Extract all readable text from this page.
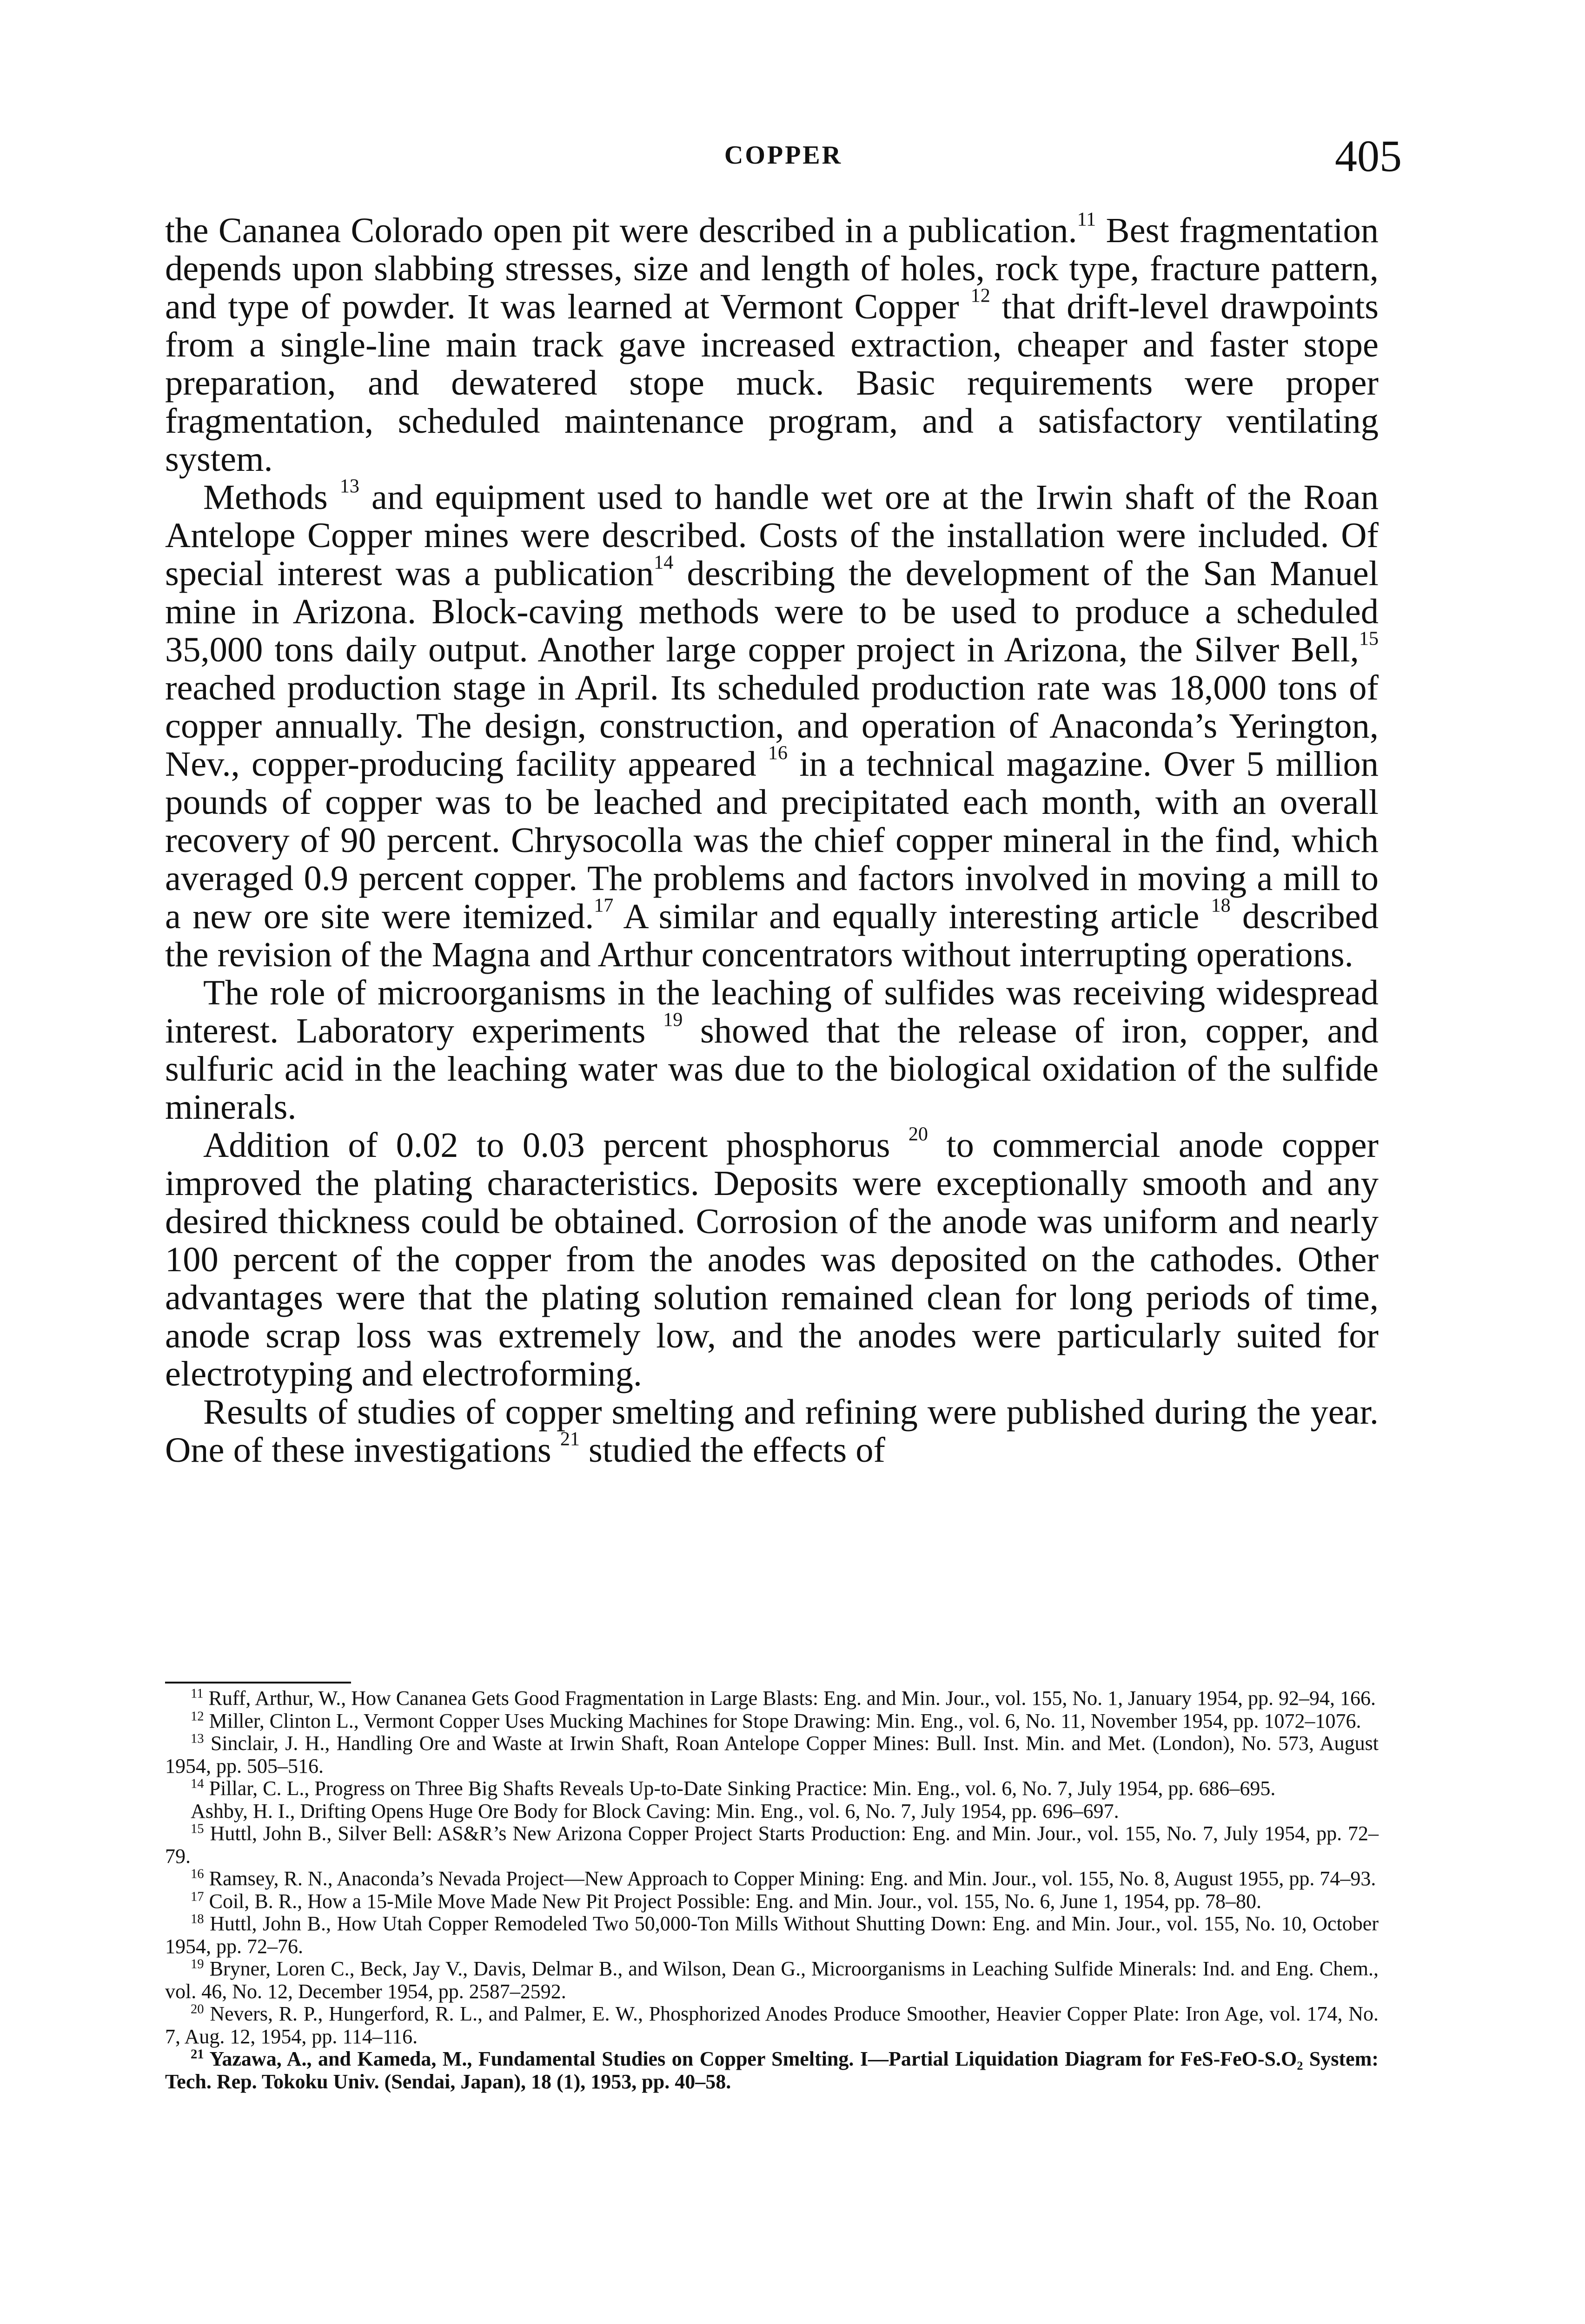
COPPER	405

the Cananea Colorado open pit were described in a publication.$^{11}$ Best fragmentation depends upon slabbing stresses, size and length of holes, rock type, fracture pattern, and type of powder. It was learned at Vermont Copper $^{12}$ that drift-level drawpoints from a single-line main track gave increased extraction, cheaper and faster stope preparation, and dewatered stope muck. Basic requirements were proper fragmentation, scheduled maintenance program, and a satisfactory ventilating system.

Methods $^{13}$ and equipment used to handle wet ore at the Irwin shaft of the Roan Antelope Copper mines were described. Costs of the installation were included. Of special interest was a publication$^{14}$ describing the development of the San Manuel mine in Arizona. Block-caving methods were to be used to produce a scheduled 35,000 tons daily output. Another large copper project in Arizona, the Silver Bell,$^{15}$ reached production stage in April. Its scheduled production rate was 18,000 tons of copper annually. The design, construction, and operation of Anaconda’s Yerington, Nev., copper-producing facility appeared $^{16}$ in a technical magazine. Over 5 million pounds of copper was to be leached and precipitated each month, with an overall recovery of 90 percent. Chrysocolla was the chief copper mineral in the find, which averaged 0.9 percent copper. The problems and factors involved in moving a mill to a new ore site were itemized.$^{17}$ A similar and equally interesting article $^{18}$ described the revision of the Magna and Arthur concentrators without interrupting operations.

The role of microorganisms in the leaching of sulfides was receiving widespread interest. Laboratory experiments $^{19}$ showed that the release of iron, copper, and sulfuric acid in the leaching water was due to the biological oxidation of the sulfide minerals.

Addition of 0.02 to 0.03 percent phosphorus $^{20}$ to commercial anode copper improved the plating characteristics. Deposits were exceptionally smooth and any desired thickness could be obtained. Corrosion of the anode was uniform and nearly 100 percent of the copper from the anodes was deposited on the cathodes. Other advantages were that the plating solution remained clean for long periods of time, anode scrap loss was extremely low, and the anodes were particularly suited for electrotyping and electroforming.

Results of studies of copper smelting and refining were published during the year. One of these investigations $^{21}$ studied the effects of

$^{11}$ Ruff, Arthur, W., How Cananea Gets Good Fragmentation in Large Blasts: Eng. and Min. Jour., vol. 155, No. 1, January 1954, pp. 92–94, 166.

$^{12}$ Miller, Clinton L., Vermont Copper Uses Mucking Machines for Stope Drawing: Min. Eng., vol. 6, No. 11, November 1954, pp. 1072–1076.

$^{13}$ Sinclair, J. H., Handling Ore and Waste at Irwin Shaft, Roan Antelope Copper Mines: Bull. Inst. Min. and Met. (London), No. 573, August 1954, pp. 505–516.

$^{14}$ Pillar, C. L., Progress on Three Big Shafts Reveals Up-to-Date Sinking Practice: Min. Eng., vol. 6, No. 7, July 1954, pp. 686–695.

Ashby, H. I., Drifting Opens Huge Ore Body for Block Caving: Min. Eng., vol. 6, No. 7, July 1954, pp. 696–697.

$^{15}$ Huttl, John B., Silver Bell: AS&R’s New Arizona Copper Project Starts Production: Eng. and Min. Jour., vol. 155, No. 7, July 1954, pp. 72–79.

$^{16}$ Ramsey, R. N., Anaconda’s Nevada Project—New Approach to Copper Mining: Eng. and Min. Jour., vol. 155, No. 8, August 1955, pp. 74–93.

$^{17}$ Coil, B. R., How a 15-Mile Move Made New Pit Project Possible: Eng. and Min. Jour., vol. 155, No. 6, June 1, 1954, pp. 78–80.

$^{18}$ Huttl, John B., How Utah Copper Remodeled Two 50,000-Ton Mills Without Shutting Down: Eng. and Min. Jour., vol. 155, No. 10, October 1954, pp. 72–76.

$^{19}$ Bryner, Loren C., Beck, Jay V., Davis, Delmar B., and Wilson, Dean G., Microorganisms in Leaching Sulfide Minerals: Ind. and Eng. Chem., vol. 46, No. 12, December 1954, pp. 2587–2592.

$^{20}$ Nevers, R. P., Hungerford, R. L., and Palmer, E. W., Phosphorized Anodes Produce Smoother, Heavier Copper Plate: Iron Age, vol. 174, No. 7, Aug. 12, 1954, pp. 114–116.

$^{21}$ Yazawa, A., and Kameda, M., Fundamental Studies on Copper Smelting. I—Partial Liquidation Diagram for FeS-FeO-S.O₂ System: Tech. Rep. Tokoku Univ. (Sendai, Japan), 18 (1), 1953, pp. 40–58.
